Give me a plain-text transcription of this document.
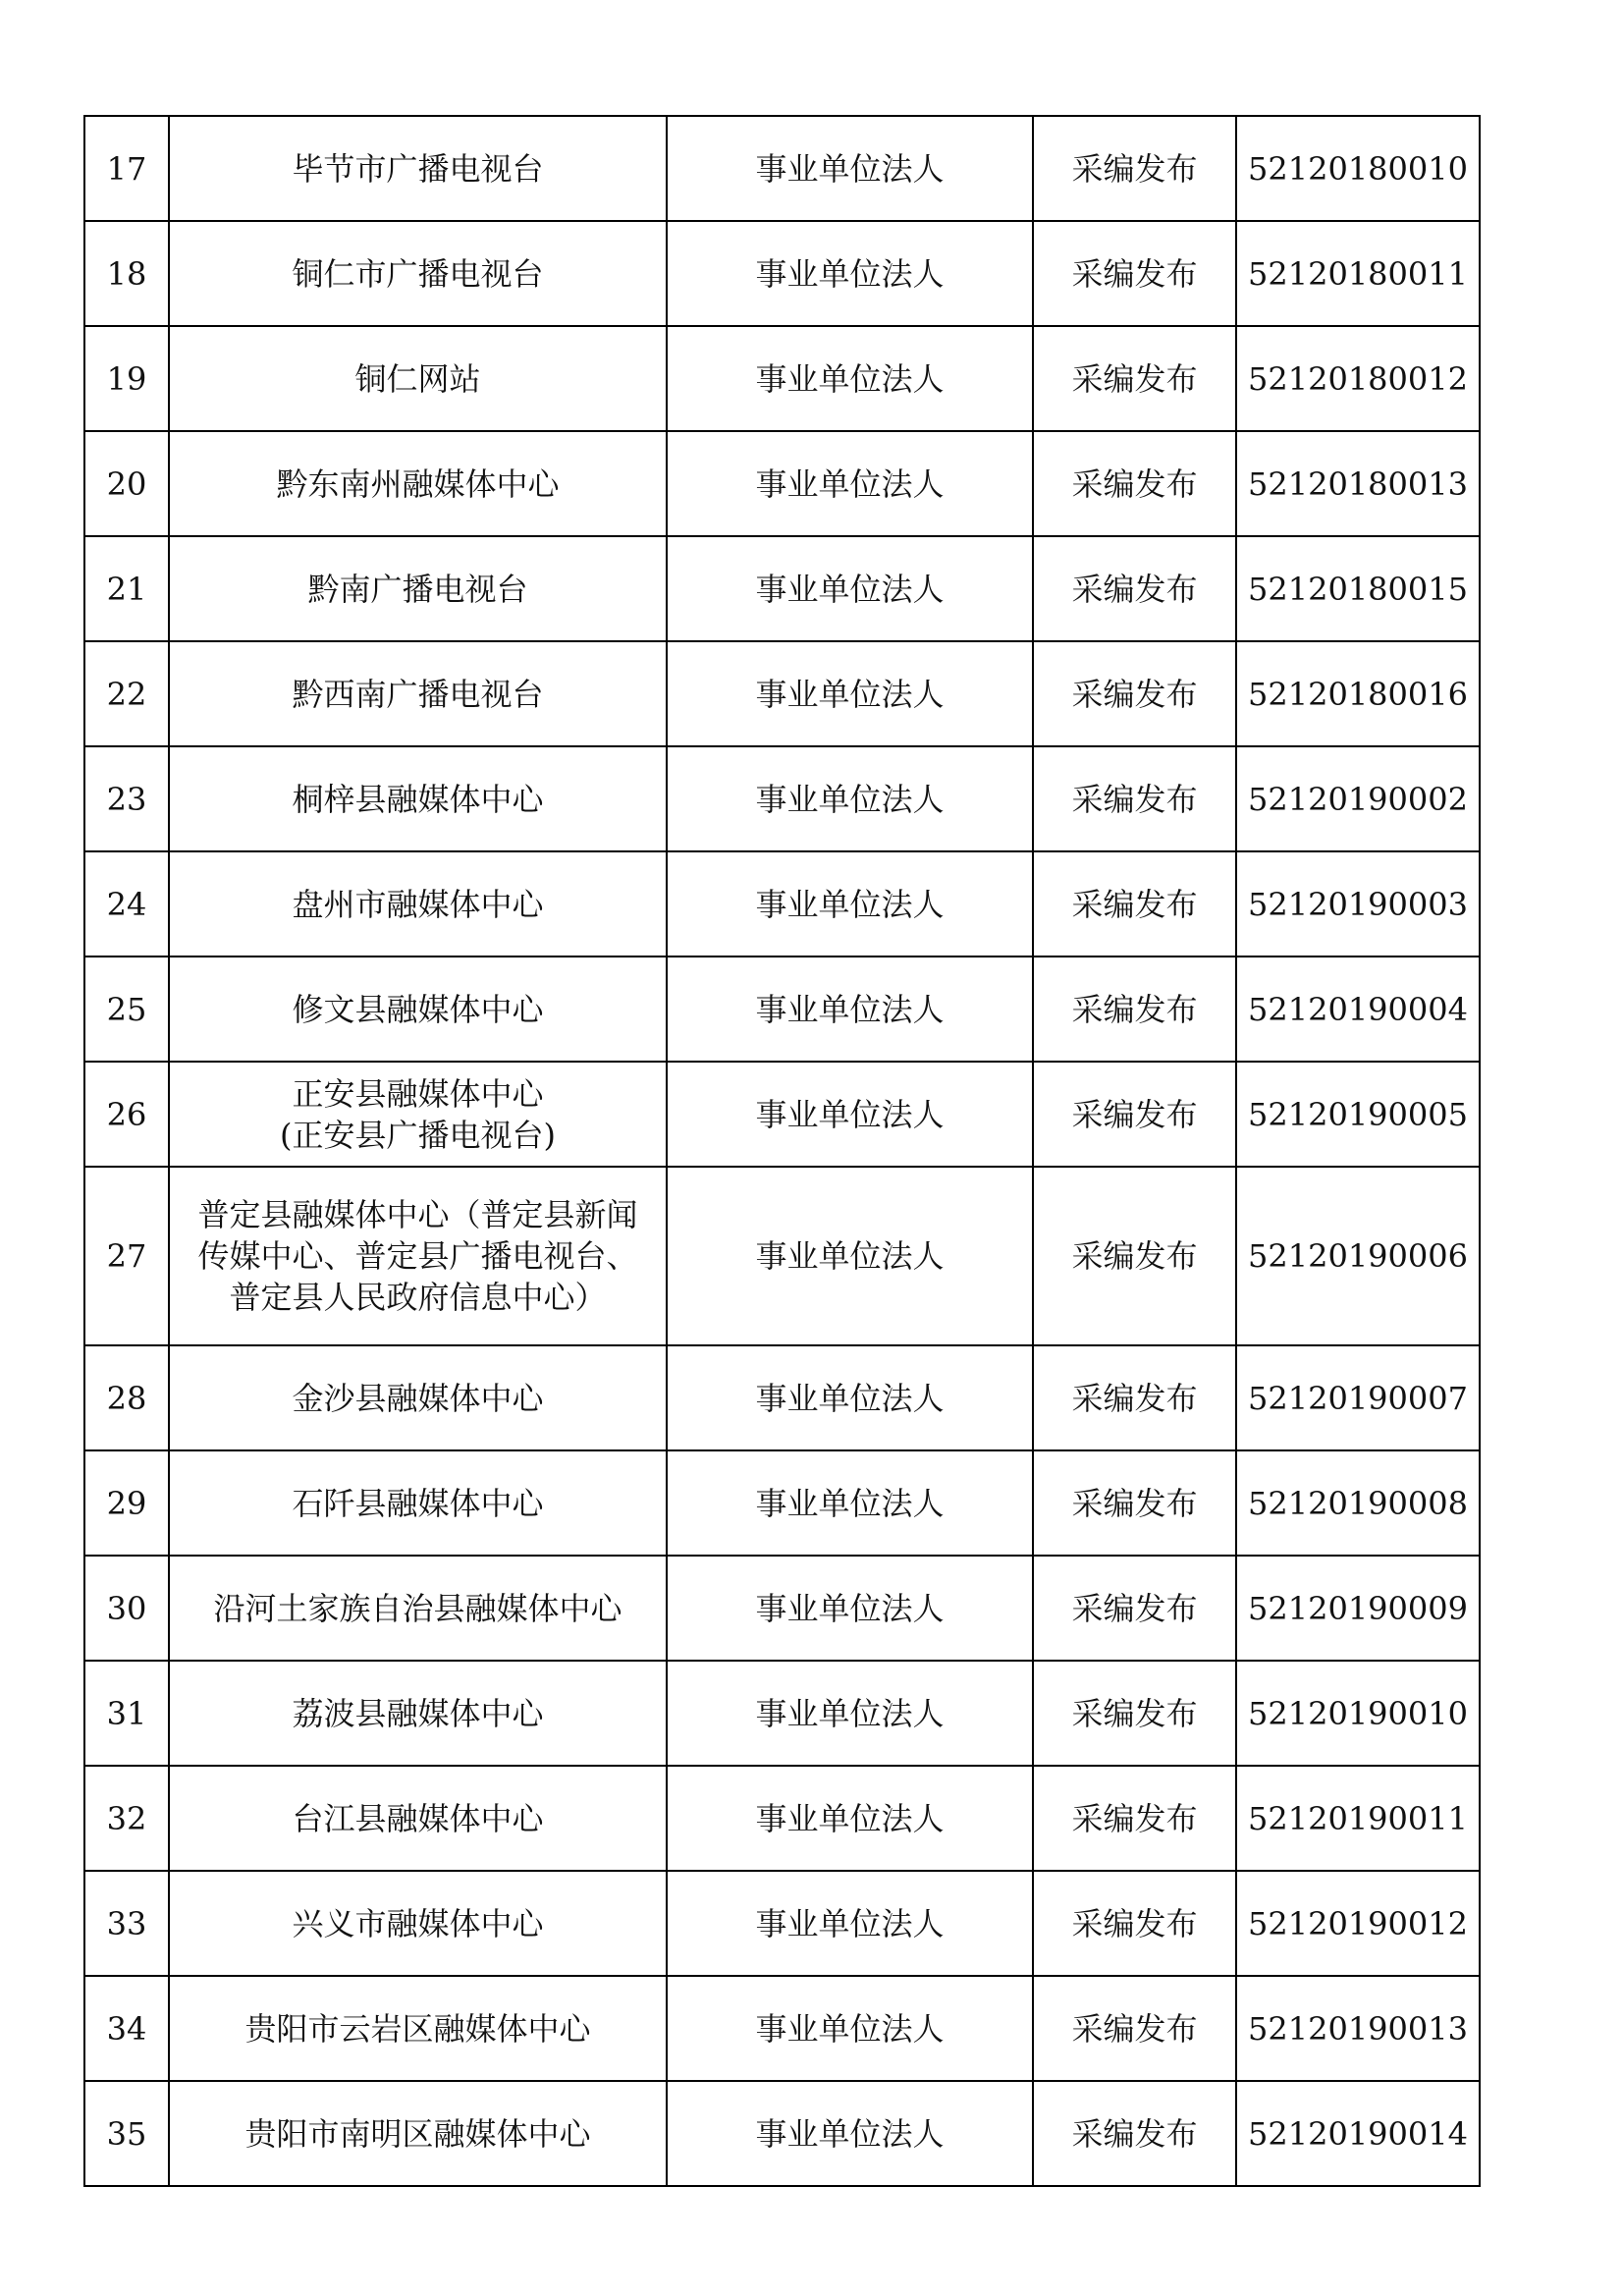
17	毕节市广播电视台	事业单位法人	采编发布	52120180010
18	铜仁市广播电视台	事业单位法人	采编发布	52120180011
19	铜仁网站	事业单位法人	采编发布	52120180012
20	黔东南州融媒体中心	事业单位法人	采编发布	52120180013
21	黔南广播电视台	事业单位法人	采编发布	52120180015
22	黔西南广播电视台	事业单位法人	采编发布	52120180016
23	桐梓县融媒体中心	事业单位法人	采编发布	52120190002
24	盘州市融媒体中心	事业单位法人	采编发布	52120190003
25	修文县融媒体中心	事业单位法人	采编发布	52120190004
26	正安县融媒体中心
(正安县广播电视台)	事业单位法人	采编发布	52120190005
27	普定县融媒体中心（普定县新闻
传媒中心、普定县广播电视台、
普定县人民政府信息中心）	事业单位法人	采编发布	52120190006
28	金沙县融媒体中心	事业单位法人	采编发布	52120190007
29	石阡县融媒体中心	事业单位法人	采编发布	52120190008
30	沿河土家族自治县融媒体中心	事业单位法人	采编发布	52120190009
31	荔波县融媒体中心	事业单位法人	采编发布	52120190010
32	台江县融媒体中心	事业单位法人	采编发布	52120190011
33	兴义市融媒体中心	事业单位法人	采编发布	52120190012
34	贵阳市云岩区融媒体中心	事业单位法人	采编发布	52120190013
35	贵阳市南明区融媒体中心	事业单位法人	采编发布	52120190014
